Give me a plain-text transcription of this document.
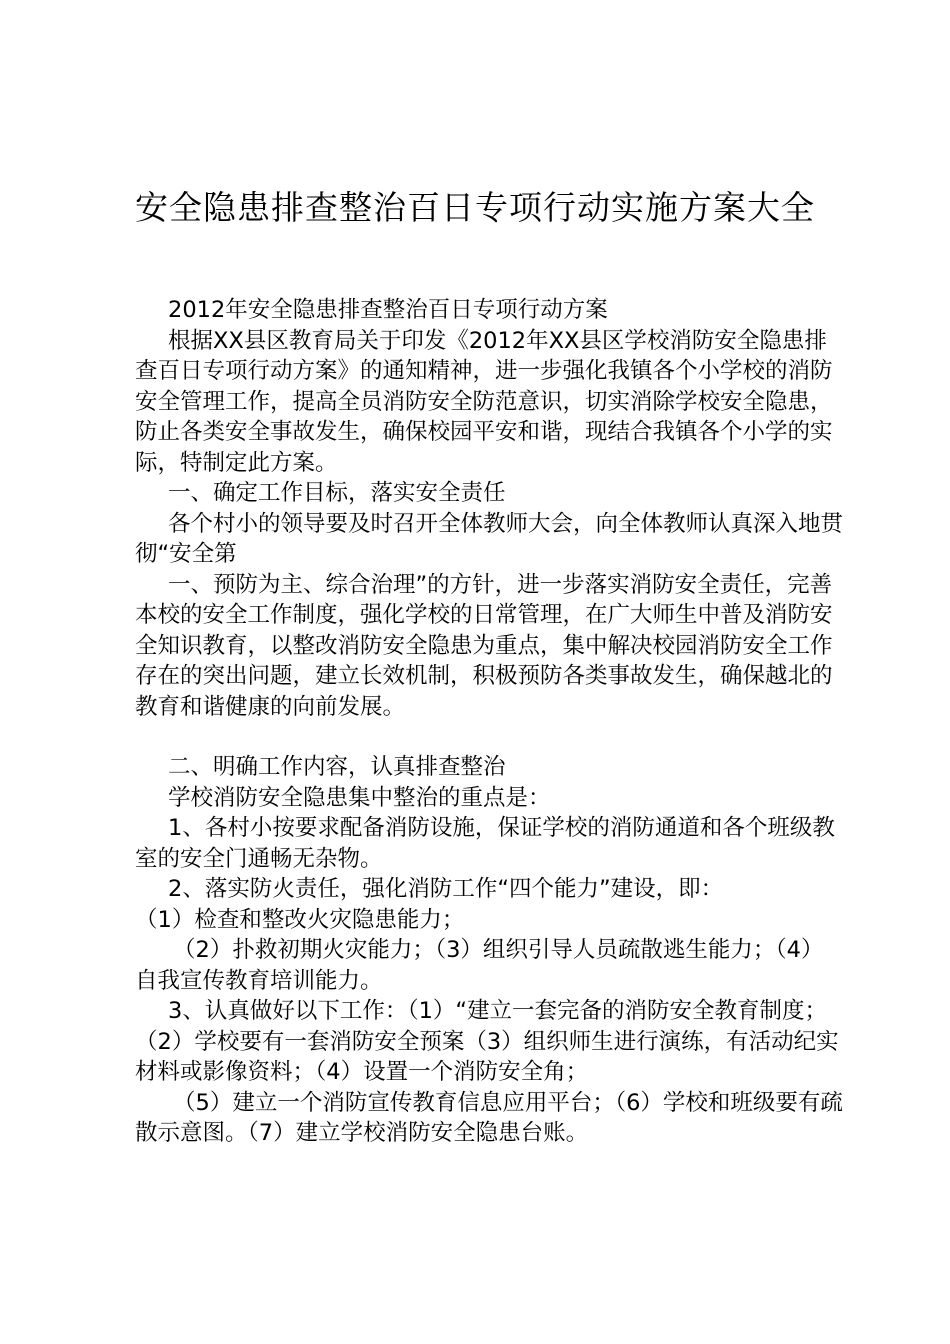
安全隐患排查整治百日专项行动实施方案大全

2012年安全隐患排查整治百日专项行动方案

根据XX县区教育局关于印发《2012年XX县区学校消防安全隐患排查百日专项行动方案》的通知精神，进一步强化我镇各个小学校的消防安全管理工作，提高全员消防安全防范意识，切实消除学校安全隐患，防止各类安全事故发生，确保校园平安和谐，现结合我镇各个小学的实际，特制定此方案。

一、确定工作目标，落实安全责任

各个村小的领导要及时召开全体教师大会，向全体教师认真深入地贯彻“安全第

一、预防为主、综合治理”的方针，进一步落实消防安全责任，完善本校的安全工作制度，强化学校的日常管理，在广大师生中普及消防安全知识教育，以整改消防安全隐患为重点，集中解决校园消防安全工作存在的突出问题，建立长效机制，积极预防各类事故发生，确保越北的教育和谐健康的向前发展。

二、明确工作内容，认真排查整治

学校消防安全隐患集中整治的重点是：

1、各村小按要求配备消防设施，保证学校的消防通道和各个班级教室的安全门通畅无杂物。

2、落实防火责任，强化消防工作“四个能力”建设，即：

（1）检查和整改火灾隐患能力；

（2）扑救初期火灾能力；（3）组织引导人员疏散逃生能力；（4）自我宣传教育培训能力。

3、认真做好以下工作：（1）“建立一套完备的消防安全教育制度；（2）学校要有一套消防安全预案（3）组织师生进行演练，有活动纪实材料或影像资料；（4）设置一个消防安全角；

（5）建立一个消防宣传教育信息应用平台；（6）学校和班级要有疏散示意图。（7）建立学校消防安全隐患台账。
